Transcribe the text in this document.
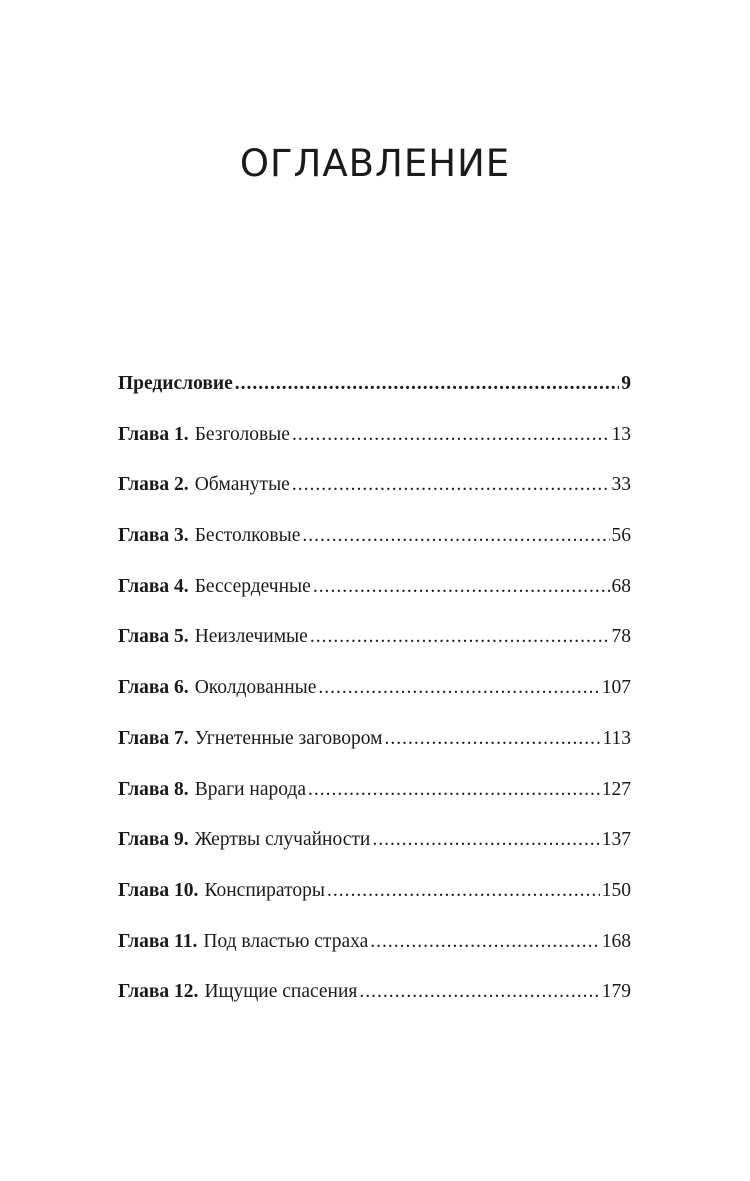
ОГЛАВЛЕНИЕ
Предисловие .....	9
Глава 1. Безголовые .....	13
Глава 2. Обманутые .....	33
Глава 3. Бестолковые .....	56
Глава 4. Бессердечные .....	68
Глава 5. Неизлечимые .....	78
Глава 6. Околдованные .....	107
Глава 7. Угнетенные заговором .....	113
Глава 8. Враги народа .....	127
Глава 9. Жертвы случайности .....	137
Глава 10. Конспираторы .....	150
Глава 11. Под властью страха .....	168
Глава 12. Ищущие спасения .....	179
